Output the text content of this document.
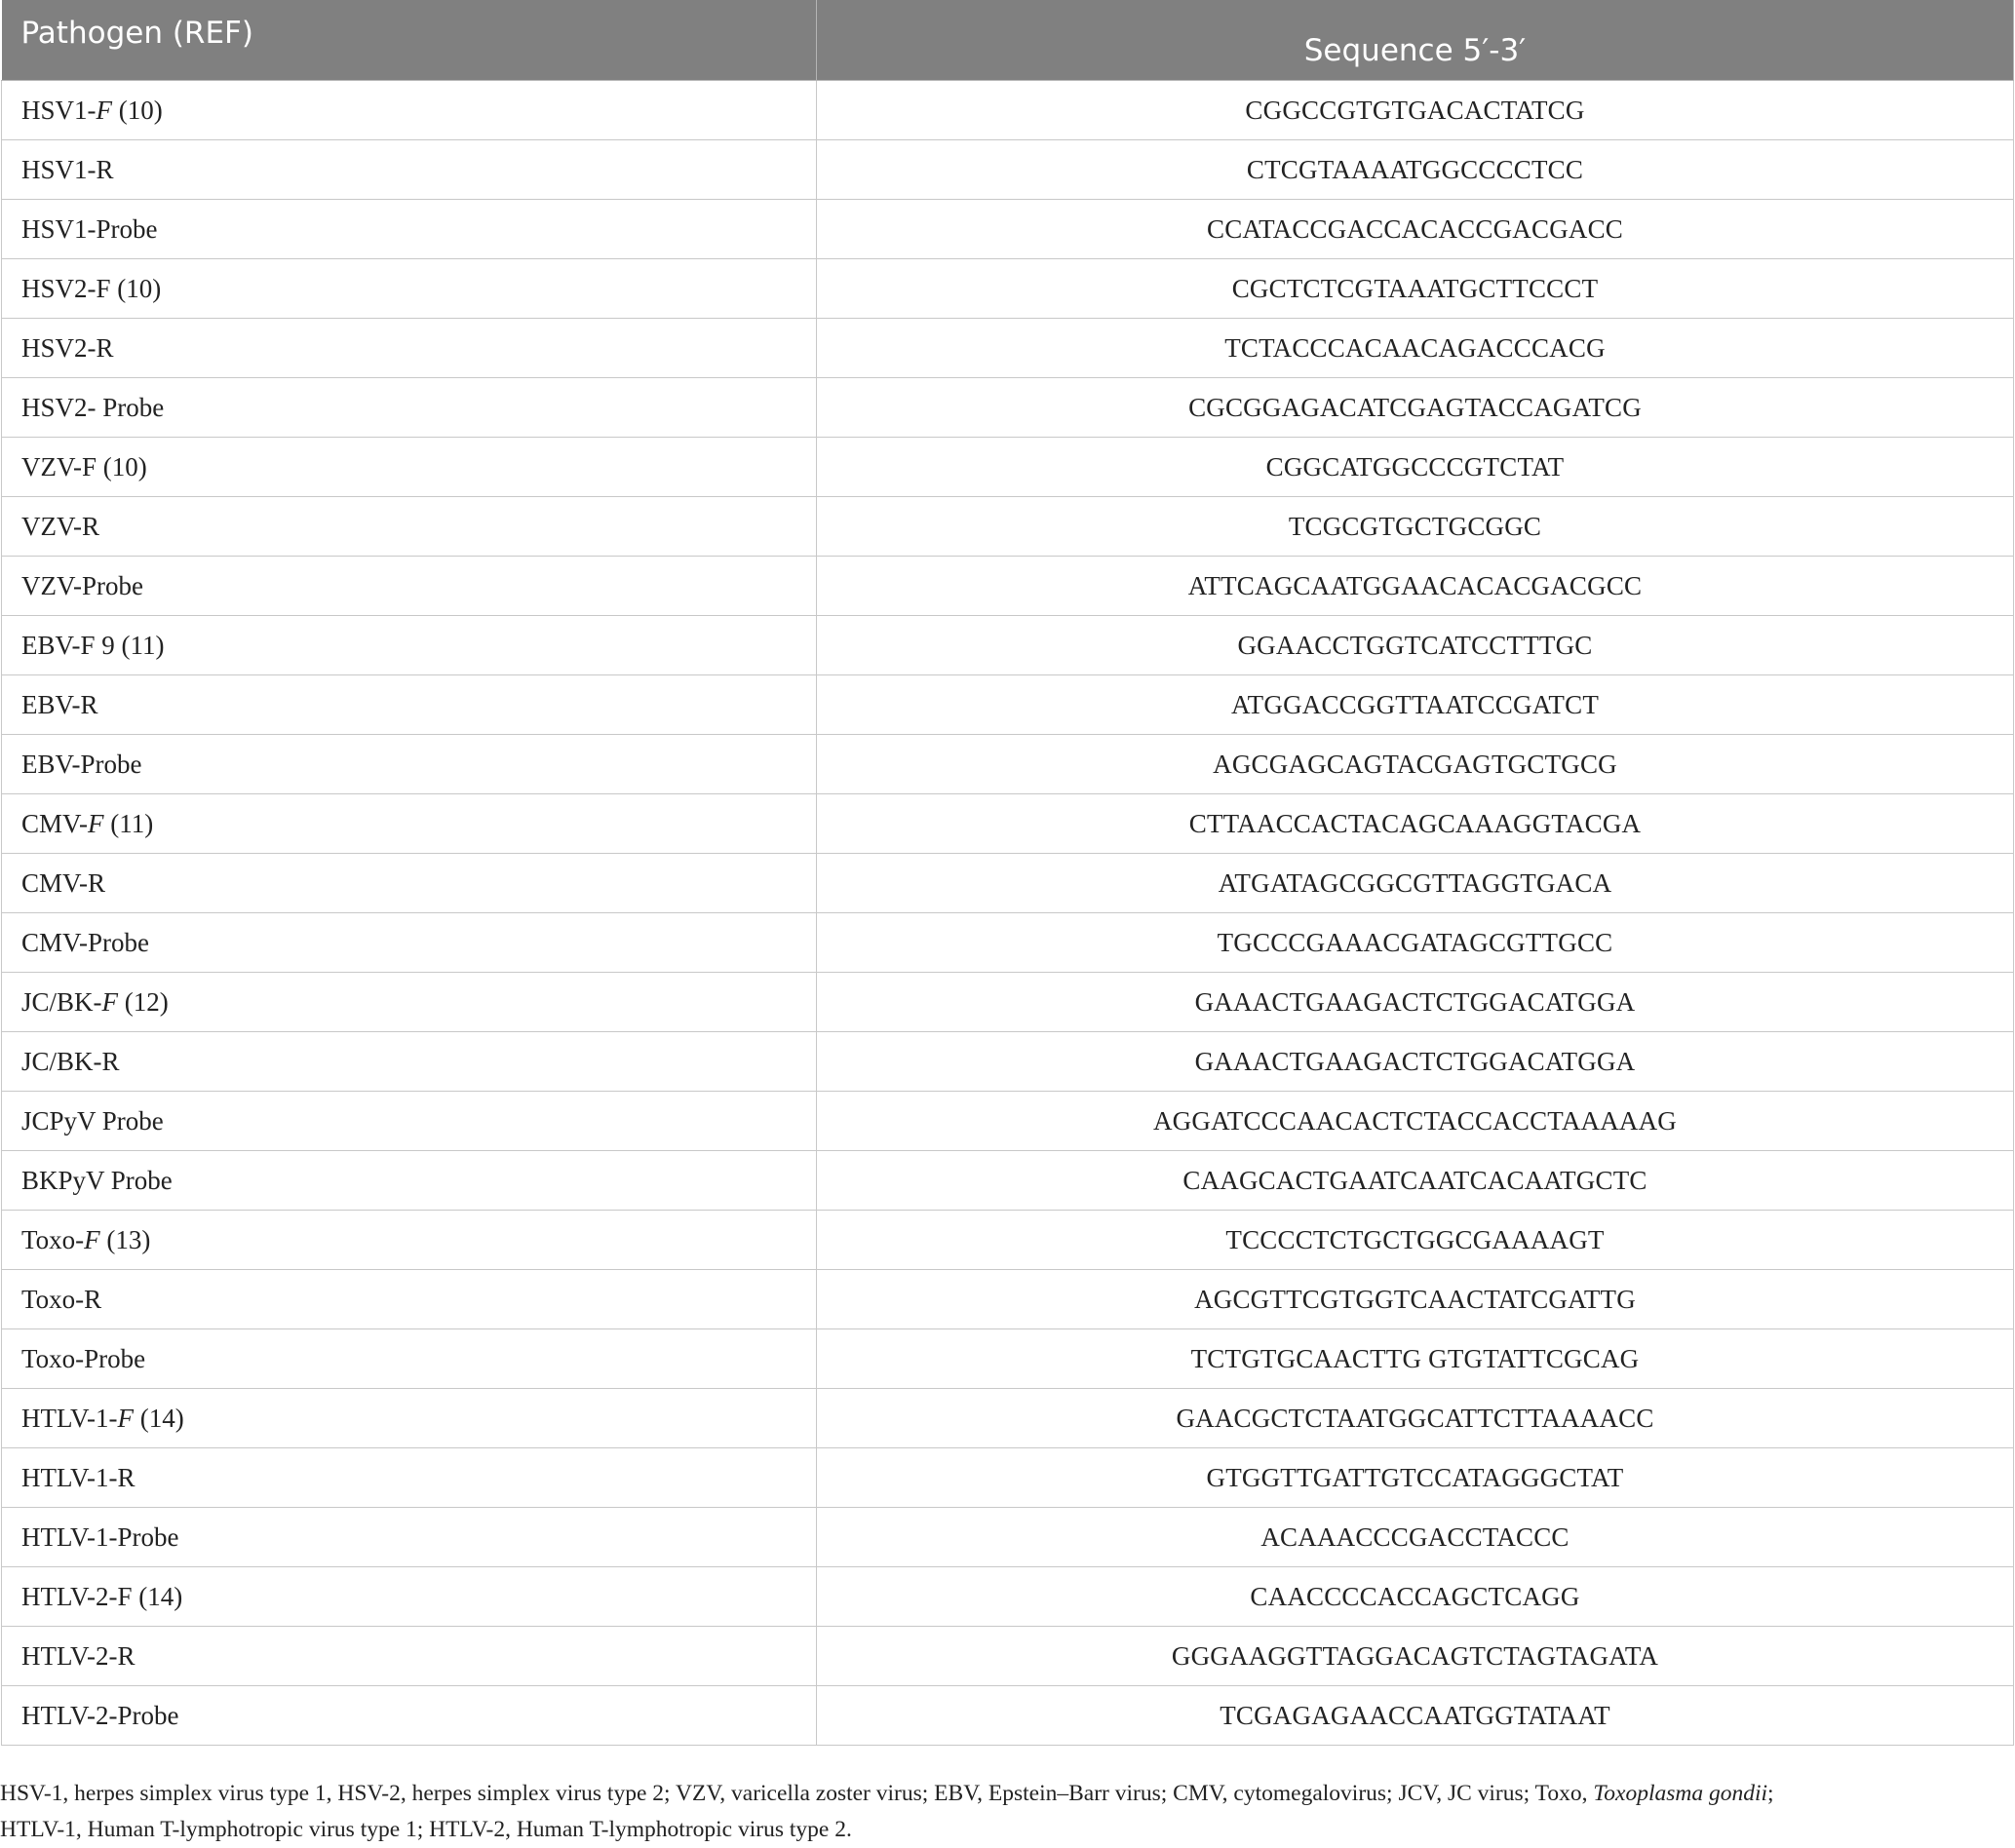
Pathogen (REF)	Sequence 5′-3′
HSV1-F (10)	CGGCCGTGTGACACTATCG
HSV1-R	CTCGTAAAATGGCCCCTCC
HSV1-Probe	CCATACCGACCACACCGACGACC
HSV2-F (10)	CGCTCTCGTAAATGCTTCCCT
HSV2-R	TCTACCCACAACAGACCCACG
HSV2- Probe	CGCGGAGACATCGAGTACCAGATCG
VZV-F (10)	CGGCATGGCCCGTCTAT
VZV-R	TCGCGTGCTGCGGC
VZV-Probe	ATTCAGCAATGGAACACACGACGCC
EBV-F 9 (11)	GGAACCTGGTCATCCTTTGC
EBV-R	ATGGACCGGTTAATCCGATCT
EBV-Probe	AGCGAGCAGTACGAGTGCTGCG
CMV-F (11)	CTTAACCACTACAGCAAAGGTACGA
CMV-R	ATGATAGCGGCGTTAGGTGACA
CMV-Probe	TGCCCGAAACGATAGCGTTGCC
JC/BK-F (12)	GAAACTGAAGACTCTGGACATGGA
JC/BK-R	GAAACTGAAGACTCTGGACATGGA
JCPyV Probe	AGGATCCCAACACTCTACCACCTAAAAAG
BKPyV Probe	CAAGCACTGAATCAATCACAATGCTC
Toxo-F (13)	TCCCCTCTGCTGGCGAAAAGT
Toxo-R	AGCGTTCGTGGTCAACTATCGATTG
Toxo-Probe	TCTGTGCAACTTG GTGTATTCGCAG
HTLV-1-F (14)	GAACGCTCTAATGGCATTCTTAAAACC
HTLV-1-R	GTGGTTGATTGTCCATAGGGCTAT
HTLV-1-Probe	ACAAACCCGACCTACCC
HTLV-2-F (14)	CAACCCCACCAGCTCAGG
HTLV-2-R	GGGAAGGTTAGGACAGTCTAGTAGATA
HTLV-2-Probe	TCGAGAGAACCAATGGTATAAT
HSV-1, herpes simplex virus type 1, HSV-2, herpes simplex virus type 2; VZV, varicella zoster virus; EBV, Epstein–Barr virus; CMV, cytomegalovirus; JCV, JC virus; Toxo, Toxoplasma gondii;
HTLV-1, Human T-lymphotropic virus type 1; HTLV-2, Human T-lymphotropic virus type 2.
